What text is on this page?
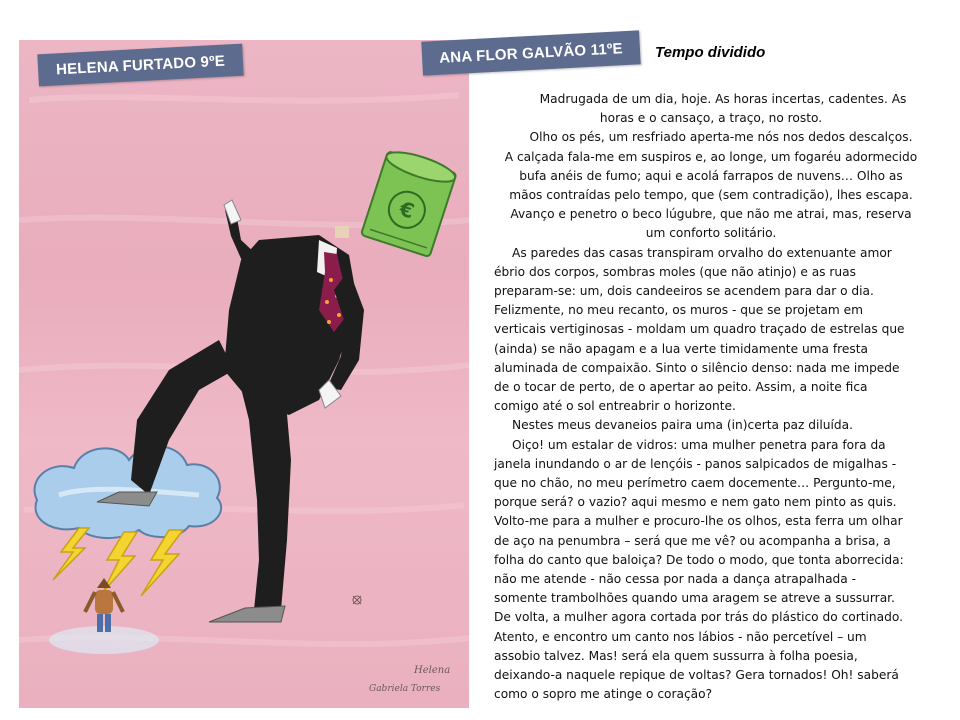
€
Helena
Gabriela Torres
HELENA FURTADO 9ºE	ANA FLOR GALVÃO 11ºE	Tempo dividido
Madrugada de um dia, hoje. As horas incertas, cadentes. As
horas e o cansaço, a traço, no rosto.
Olho os pés, um resfriado aperta-me nós nos dedos descalços.
A calçada fala-me em suspiros e, ao longe, um fogaréu adormecido
bufa anéis de fumo; aqui e acolá farrapos de nuvens… Olho as
mãos contraídas pelo tempo, que (sem contradição), lhes escapa.
Avanço e penetro o beco lúgubre, que não me atrai, mas, reserva
um conforto solitário.
As paredes das casas transpiram orvalho do extenuante amor
ébrio dos corpos, sombras moles (que não atinjo) e as ruas
preparam-se: um, dois candeeiros se acendem para dar o dia.
Felizmente, no meu recanto, os muros - que se projetam em
verticais vertiginosas - moldam um quadro traçado de estrelas que
(ainda) se não apagam e a lua verte timidamente uma fresta
aluminada de compaixão. Sinto o silêncio denso: nada me impede
de o tocar de perto, de o apertar ao peito. Assim, a noite fica
comigo até o sol entreabrir o horizonte.
Nestes meus devaneios paira uma (in)certa paz diluída.
Oiço! um estalar de vidros: uma mulher penetra para fora da
janela inundando o ar de lençóis - panos salpicados de migalhas -
que no chão, no meu perímetro caem docemente… Pergunto-me,
porque será? o vazio? aqui mesmo e nem gato nem pinto as quis.
Volto-me para a mulher e procuro-lhe os olhos, esta ferra um olhar
de aço na penumbra – será que me vê? ou acompanha a brisa, a
folha do canto que baloiça? De todo o modo, que tonta aborrecida:
não me atende - não cessa por nada a dança atrapalhada -
somente trambolhões quando uma aragem se atreve a sussurrar.
De volta, a mulher agora cortada por trás do plástico do cortinado.
Atento, e encontro um canto nos lábios - não percetível – um
assobio talvez. Mas! será ela quem sussurra à folha poesia,
deixando-a naquele repique de voltas? Gera tornados! Oh! saberá
como o sopro me atinge o coração?
